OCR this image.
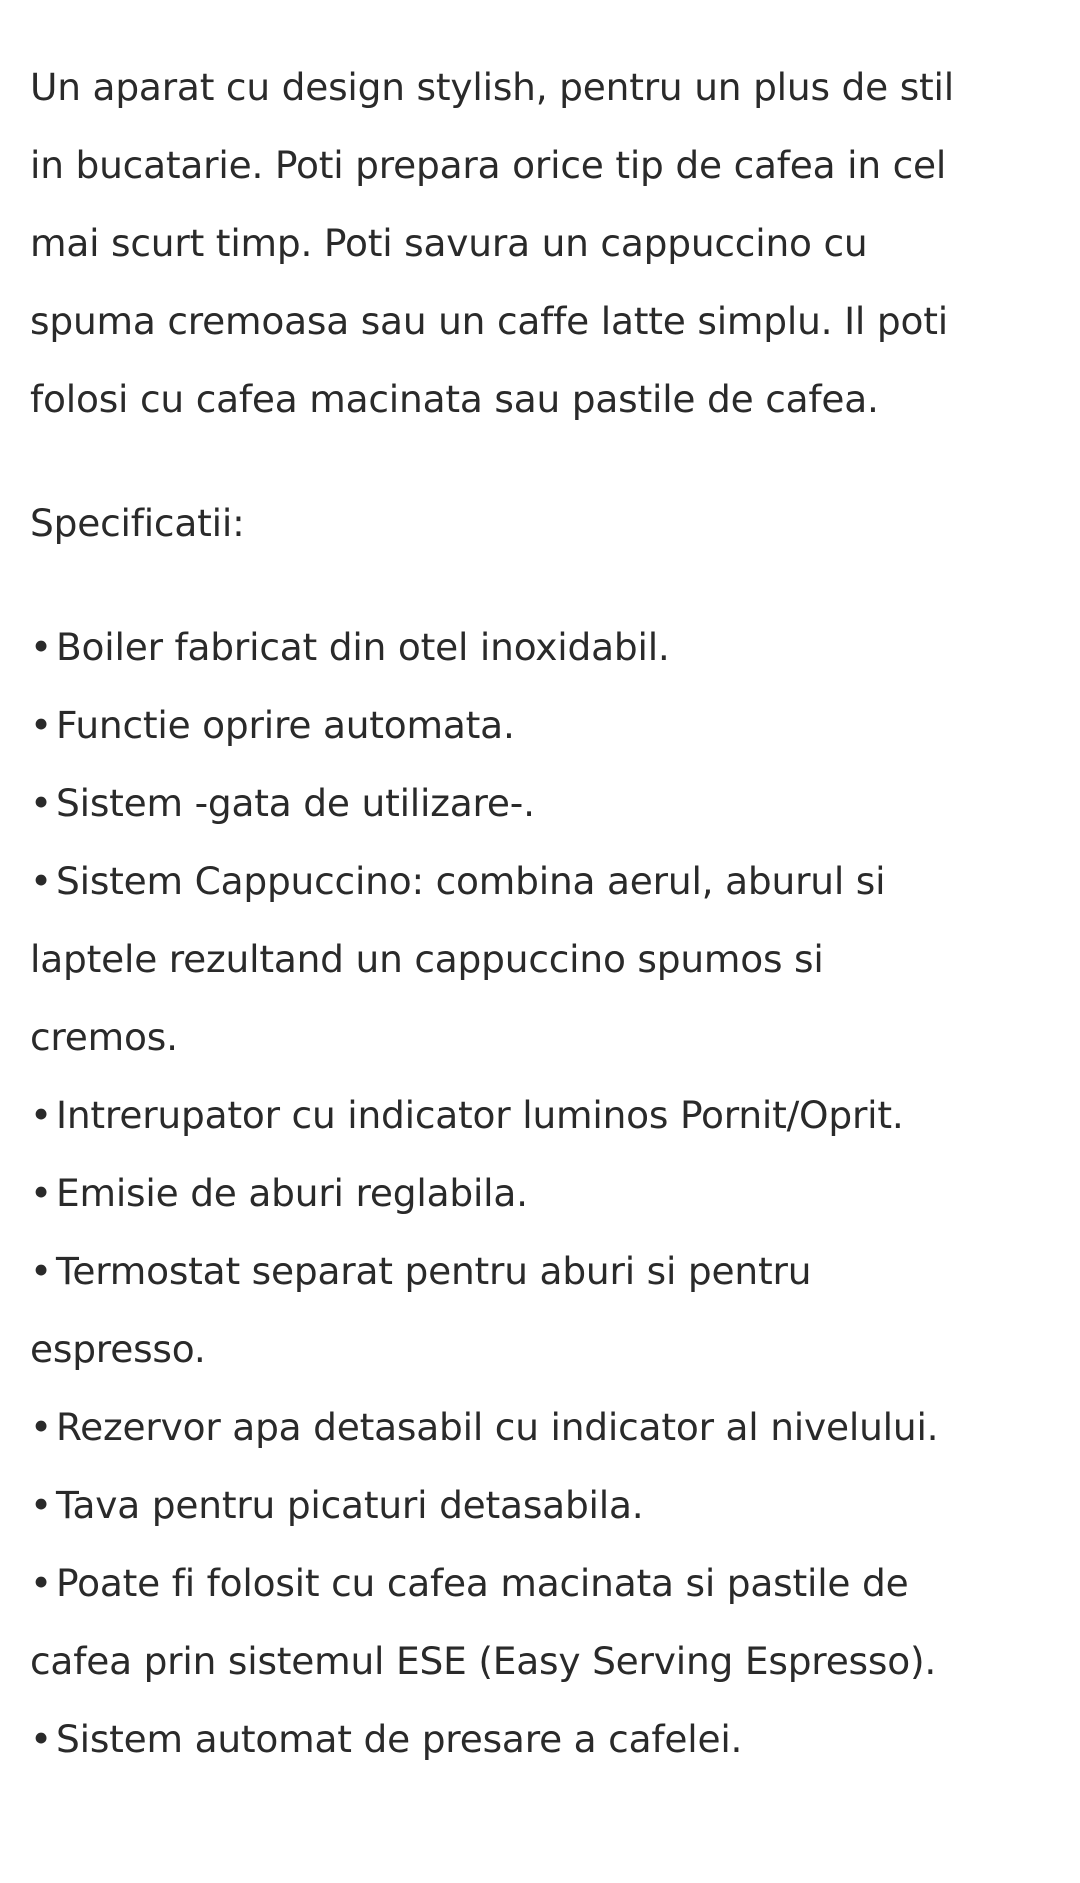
Un aparat cu design stylish, pentru un plus de stil
in bucatarie. Poti prepara orice tip de cafea in cel
mai scurt timp. Poti savura un cappuccino cu
spuma cremoasa sau un caffe latte simplu. Il poti
folosi cu cafea macinata sau pastile de cafea.
Specificatii:
• Boiler fabricat din otel inoxidabil.
• Functie oprire automata.
• Sistem -gata de utilizare-.
• Sistem Cappuccino: combina aerul, aburul si
laptele rezultand un cappuccino spumos si
cremos.
• Intrerupator cu indicator luminos Pornit/Oprit.
• Emisie de aburi reglabila.
• Termostat separat pentru aburi si pentru
espresso.
• Rezervor apa detasabil cu indicator al nivelului.
• Tava pentru picaturi detasabila.
• Poate fi folosit cu cafea macinata si pastile de
cafea prin sistemul ESE (Easy Serving Espresso).
• Sistem automat de presare a cafelei.
